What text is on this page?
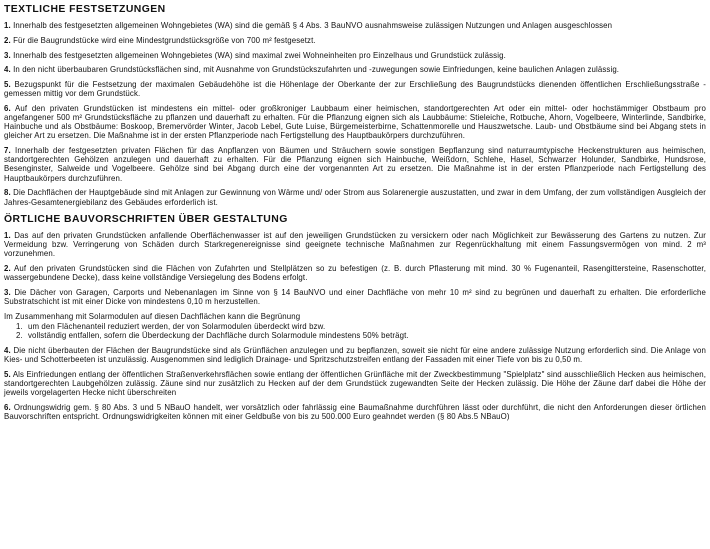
TEXTLICHE FESTSETZUNGEN

1. Innerhalb des festgesetzten allgemeinen Wohngebietes (WA) sind die gemäß § 4 Abs. 3 BauNVO ausnahmsweise zulässigen Nutzungen und Anlagen ausgeschlossen

2. Für die Baugrundstücke wird eine Mindestgrundstücksgröße von 700 m² festgesetzt.

3. Innerhalb des festgesetzten allgemeinen Wohngebietes (WA) sind maximal zwei Wohneinheiten pro Einzelhaus und Grundstück zulässig.

4. In den nicht überbaubaren Grundstücksflächen sind, mit Ausnahme von Grundstückszufahrten und -zuwegungen sowie Einfriedungen, keine baulichen Anlagen zulässig.

5. Bezugspunkt für die Festsetzung der maximalen Gebäudehöhe ist die Höhenlage der Oberkante der zur Erschließung des Baugrundstücks dienenden öffentlichen Erschließungsstraße - gemessen mittig vor dem Grundstück.

6. Auf den privaten Grundstücken ist mindestens ein mittel- oder großkroniger Laubbaum einer heimischen, standortgerechten Art oder ein mittel- oder hochstämmiger Obstbaum pro angefangener 500 m² Grundstücksfläche zu pflanzen und dauerhaft zu erhalten. Für die Pflanzung eignen sich als Laubbäume: Stieleiche, Rotbuche, Ahorn, Vogelbeere, Winterlinde, Sandbirke, Hainbuche und als Obstbäume: Boskoop, Bremervörder Winter, Jacob Lebel, Gute Luise, Bürgemeisterbirne, Schattenmorelle und Hauszwetsche. Laub- und Obstbäume sind bei Abgang stets in gleicher Art zu ersetzen. Die Maßnahme ist in der ersten Pflanzperiode nach Fertigstellung des Hauptbaukörpers durchzuführen.

7. Innerhalb der festgesetzten privaten Flächen für das Anpflanzen von Bäumen und Sträuchern sowie sonstigen Bepflanzung sind naturraumtypische Heckenstrukturen aus heimischen, standortgerechten Gehölzen anzulegen und dauerhaft zu erhalten. Für die Pflanzung eignen sich Hainbuche, Weißdorn, Schlehe, Hasel, Schwarzer Holunder, Sandbirke, Hundsrose, Besenginster, Salweide und Vogelbeere. Gehölze sind bei Abgang durch eine der vorgenannten Art zu ersetzen. Die Maßnahme ist in der ersten Pflanzperiode nach Fertigstellung des Hauptbaukörpers durchzuführen.

8. Die Dachflächen der Hauptgebäude sind mit Anlagen zur Gewinnung von Wärme und/ oder Strom aus Solarenergie auszustatten, und zwar in dem Umfang, der zum vollständigen Ausgleich der Jahres-Gesamtenergiebilanz des Gebäudes erforderlich ist.

ÖRTLICHE BAUVORSCHRIFTEN ÜBER GESTALTUNG

1. Das auf den privaten Grundstücken anfallende Oberflächenwasser ist auf den jeweiligen Grundstücken zu versickern oder nach Möglichkeit zur Bewässerung des Gartens zu nutzen. Zur Vermeidung bzw. Verringerung von Schäden durch Starkregenereignisse sind geeignete technische Maßnahmen zur Regenrückhaltung mit einem Fassungsvermögen von mind. 2 m³ vorzunehmen.

2. Auf den privaten Grundstücken sind die Flächen von Zufahrten und Stellplätzen so zu befestigen (z. B. durch Pflasterung mit mind. 30 % Fugenanteil, Rasengittersteine, Rasenschotter, wassergebundene Decke), dass keine vollständige Versiegelung des Bodens erfolgt.

3. Die Dächer von Garagen, Carports und Nebenanlagen im Sinne von § 14 BauNVO und einer Dachfläche von mehr 10 m² sind zu begrünen und dauerhaft zu erhalten. Die erforderliche Substratschicht ist mit einer Dicke von mindestens 0,10 m herzustellen.

Im Zusammenhang mit Solarmodulen auf diesen Dachflächen kann die Begrünung

1. um den Flächenanteil reduziert werden, der von Solarmodulen überdeckt wird bzw.
2. vollständig entfallen, sofern die Überdeckung der Dachfläche durch Solarmodule mindestens 50% beträgt.

4. Die nicht überbauten der Flächen der Baugrundstücke sind als Grünflächen anzulegen und zu bepflanzen, soweit sie nicht für eine andere zulässige Nutzung erforderlich sind. Die Anlage von Kies- und Schotterbeeten ist unzulässig. Ausgenommen sind lediglich Drainage- und Spritzschutzstreifen entlang der Fassaden mit einer Tiefe von bis zu 0,50 m.

5. Als Einfriedungen entlang der öffentlichen Straßenverkehrsflächen sowie entlang der öffentlichen Grünfläche mit der Zweckbestimmung "Spielplatz" sind ausschließlich Hecken aus heimischen, standortgerechten Laubgehölzen zulässig. Zäune sind nur zusätzlich zu Hecken auf der dem Grundstück zugewandten Seite der Hecken zulässig. Die Höhe der Zäune darf dabei die Höhe der jeweils vorgelagerten Hecke nicht überschreiten

6. Ordnungswidrig gem. § 80 Abs. 3 und 5 NBauO handelt, wer vorsätzlich oder fahrlässig eine Baumaßnahme durchführen lässt oder durchführt, die nicht den Anforderungen dieser örtlichen Bauvorschriften entspricht. Ordnungswidrigkeiten können mit einer Geldbuße von bis zu 500.000 Euro geahndet werden (§ 80 Abs.5 NBauO)
